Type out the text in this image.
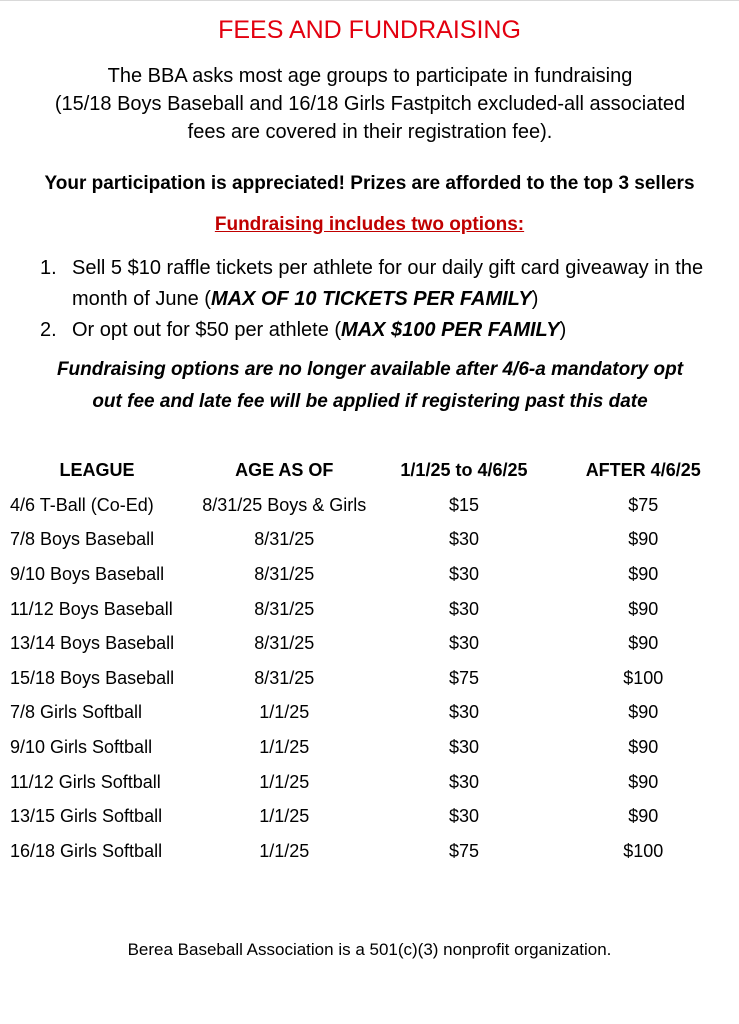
FEES AND FUNDRAISING

The BBA asks most age groups to participate in fundraising

(15/18 Boys Baseball and 16/18 Girls Fastpitch excluded-all associated

fees are covered in their registration fee).

Your participation is appreciated! Prizes are afforded to the top 3 sellers
Fundraising includes two options:
1. Sell 5 $10 raffle tickets per athlete for our daily gift card giveaway in the month of June (MAX OF 10 TICKETS PER FAMILY)
2. Or opt out for $50 per athlete (MAX $100 PER FAMILY)
Fundraising options are no longer available after 4/6-a mandatory opt
out fee and late fee will be applied if registering past this date
LEAGUE	AGE AS OF	1/1/25 to 4/6/25	AFTER 4/6/25
4/6 T-Ball (Co-Ed)	8/31/25 Boys & Girls	$15	$75
7/8 Boys Baseball	8/31/25	$30	$90
9/10 Boys Baseball	8/31/25	$30	$90
11/12 Boys Baseball	8/31/25	$30	$90
13/14 Boys Baseball	8/31/25	$30	$90
15/18 Boys Baseball	8/31/25	$75	$100
7/8 Girls Softball	1/1/25	$30	$90
9/10 Girls Softball	1/1/25	$30	$90
11/12 Girls Softball	1/1/25	$30	$90
13/15 Girls Softball	1/1/25	$30	$90
16/18 Girls Softball	1/1/25	$75	$100
Berea Baseball Association is a 501(c)(3) nonprofit organization.
